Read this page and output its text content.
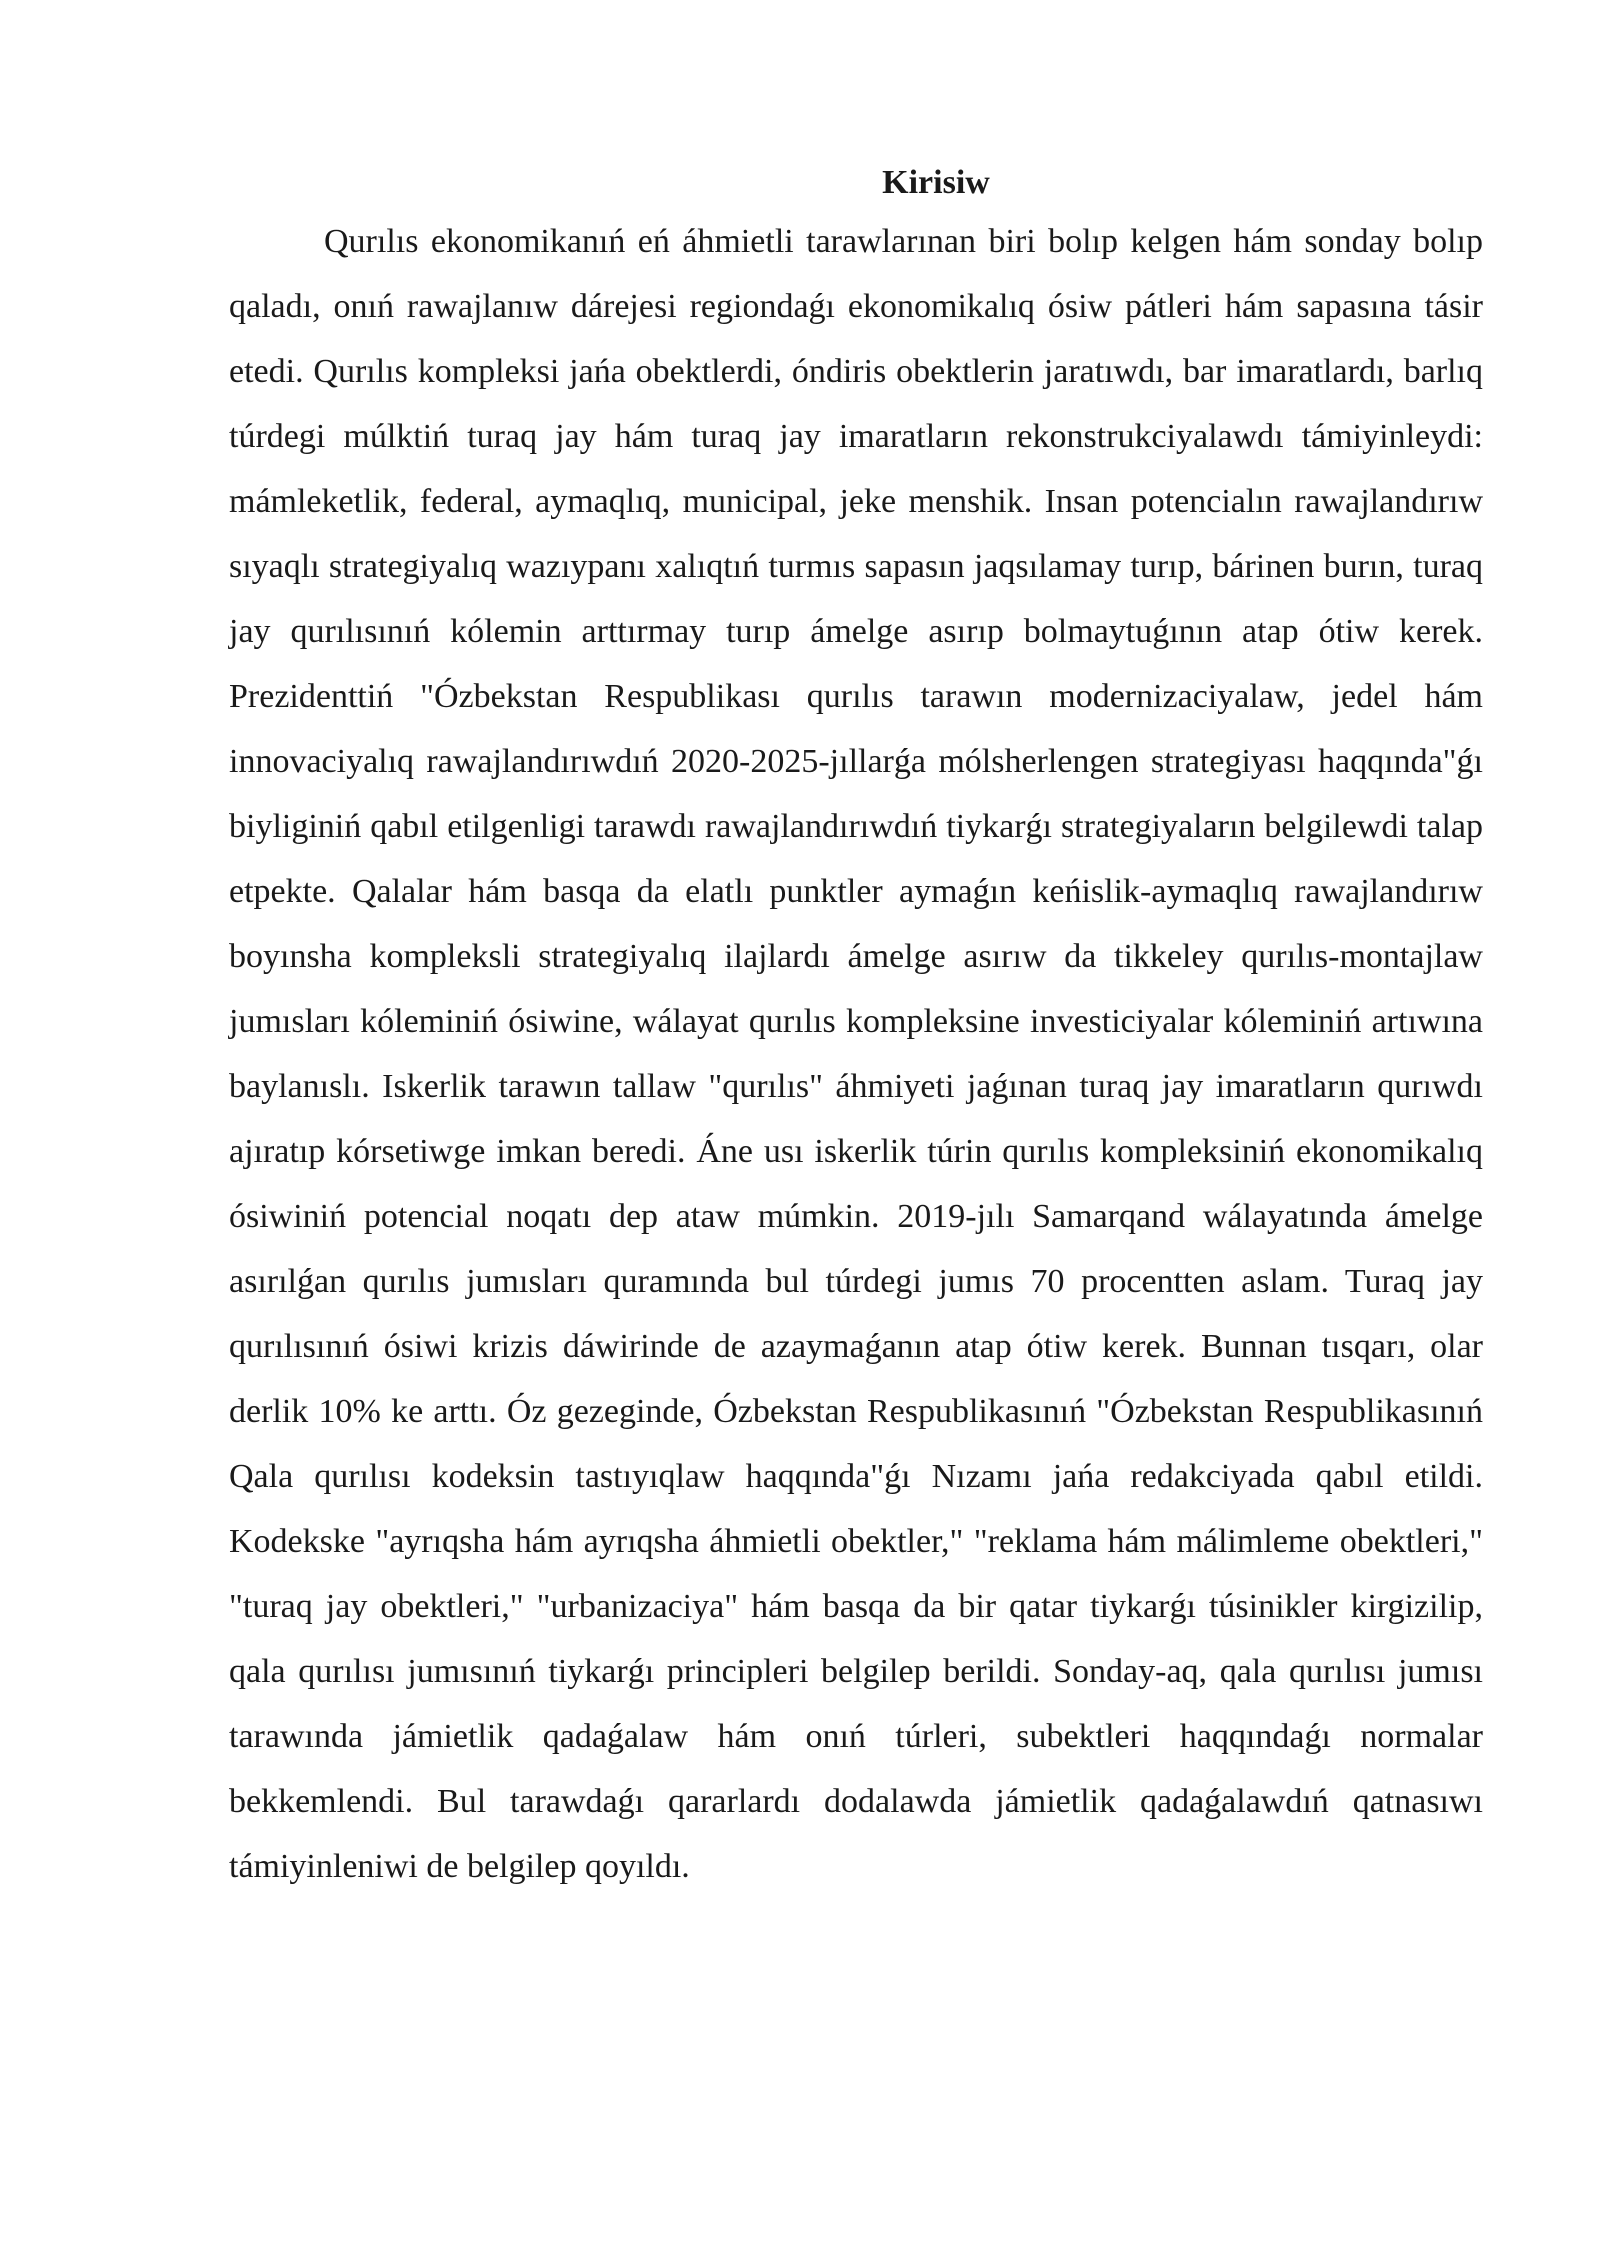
Kirisiw

Qurılıs ekonomikanıń eń áhmietli tarawlarınan biri bolıp kelgen hám sonday bolıp qaladı, onıń rawajlanıw dárejesi regiondaǵı ekonomikalıq ósiw pátleri hám sapasına tásir etedi. Qurılıs kompleksi jańa obektlerdi, óndiris obektlerin jaratıwdı, bar imaratlardı, barlıq túrdegi múlktiń turaq jay hám turaq jay imaratların rekonstrukciyalawdı támiyinleydi: mámleketlik, federal, aymaqlıq, municipal, jeke menshik. Insan potencialın rawajlandırıw sıyaqlı strategiyalıq wazıypanı xalıqtıń turmıs sapasın jaqsılamay turıp, bárinen burın, turaq jay qurılısınıń kólemin arttırmay turıp ámelge asırıp bolmaytuǵının atap ótiw kerek. Prezidenttiń "Ózbekstan Respublikası qurılıs tarawın modernizaciyalaw, jedel hám innovaciyalıq rawajlandırıwdıń 2020-2025-jıllarǵa mólsherlengen strategiyası haqqında"ǵı biyliginiń qabıl etilgenligi tarawdı rawajlandırıwdıń tiykarǵı strategiyaların belgilewdi talap etpekte. Qalalar hám basqa da elatlı punktler aymaǵın keńislik-aymaqlıq rawajlandırıw boyınsha kompleksli strategiyalıq ilajlardı ámelge asırıw da tikkeley qurılıs-montajlaw jumısları kóleminiń ósiwine, wálayat qurılıs kompleksine investiciyalar kóleminiń artıwına baylanıslı. Iskerlik tarawın tallaw "qurılıs" áhmiyeti jaǵınan turaq jay imaratların qurıwdı ajıratıp kórsetiwge imkan beredi. Áne usı iskerlik túrin qurılıs kompleksiniń ekonomikalıq ósiwiniń potencial noqatı dep ataw múmkin. 2019-jılı Samarqand wálayatında ámelge asırılǵan qurılıs jumısları quramında bul túrdegi jumıs 70 procentten aslam. Turaq jay qurılısınıń ósiwi krizis dáwirinde de azaymaǵanın atap ótiw kerek. Bunnan tısqarı, olar derlik 10% ke arttı. Óz gezeginde, Ózbekstan Respublikasınıń "Ózbekstan Respublikasınıń Qala qurılısı kodeksin tastıyıqlaw haqqında"ǵı Nızamı jańa redakciyada qabıl etildi. Kodekske "ayrıqsha hám ayrıqsha áhmietli obektler," "reklama hám málimleme obektleri," "turaq jay obektleri," "urbanizaciya" hám basqa da bir qatar tiykarǵı túsinikler kirgizilip, qala qurılısı jumısınıń tiykarǵı principleri belgilep berildi. Sonday-aq, qala qurılısı jumısı tarawında jámietlik qadaǵalaw hám onıń túrleri, subektleri haqqındaǵı normalar bekkemlendi. Bul tarawdaǵı qararlardı dodalawda jámietlik qadaǵalawdıń qatnasıwı támiyinleniwi de belgilep qoyıldı.
